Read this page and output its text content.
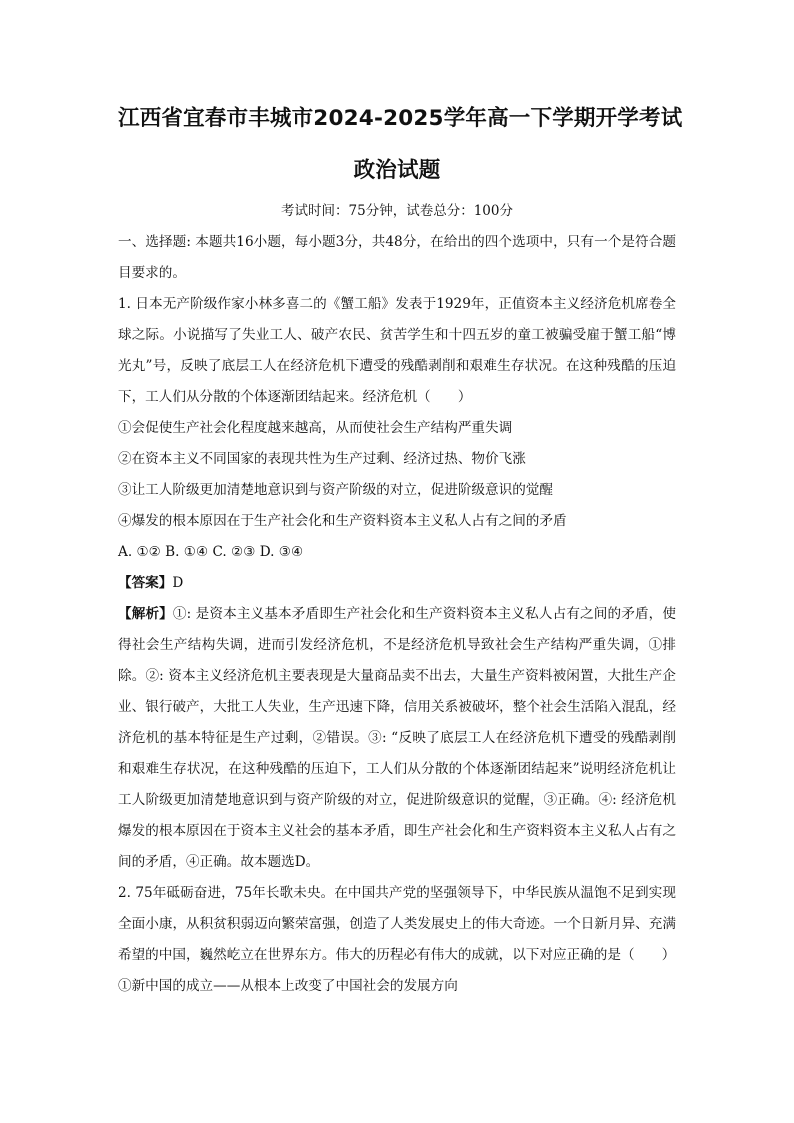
江西省宜春市丰城市2024-2025学年高一下学期开学考试
政治试题
考试时间：75分钟，试卷总分：100分

一、选择题: 本题共16小题，每小题3分，共48分，在给出的四个选项中，只有一个是符合题目要求的。

1. 日本无产阶级作家小林多喜二的《蟹工船》发表于1929年，正值资本主义经济危机席卷全球之际。小说描写了失业工人、破产农民、贫苦学生和十四五岁的童工被骗受雇于蟹工船“博光丸”号，反映了底层工人在经济危机下遭受的残酷剥削和艰难生存状况。在这种残酷的压迫下，工人们从分散的个体逐渐团结起来。经济危机（　　）

①会促使生产社会化程度越来越高，从而使社会生产结构严重失调

②在资本主义不同国家的表现共性为生产过剩、经济过热、物价飞涨

③让工人阶级更加清楚地意识到与资产阶级的对立，促进阶级意识的觉醒

④爆发的根本原因在于生产社会化和生产资料资本主义私人占有之间的矛盾

A. ①② B. ①④ C. ②③ D. ③④

【答案】D

【解析】①: 是资本主义基本矛盾即生产社会化和生产资料资本主义私人占有之间的矛盾，使得社会生产结构失调，进而引发经济危机，不是经济危机导致社会生产结构严重失调，①排除。②: 资本主义经济危机主要表现是大量商品卖不出去，大量生产资料被闲置，大批生产企业、银行破产，大批工人失业，生产迅速下降，信用关系被破坏，整个社会生活陷入混乱，经济危机的基本特征是生产过剩，②错误。③: “反映了底层工人在经济危机下遭受的残酷剥削和艰难生存状况，在这种残酷的压迫下，工人们从分散的个体逐渐团结起来”说明经济危机让工人阶级更加清楚地意识到与资产阶级的对立，促进阶级意识的觉醒，③正确。④: 经济危机爆发的根本原因在于资本主义社会的基本矛盾，即生产社会化和生产资料资本主义私人占有之间的矛盾，④正确。故本题选D。

2. 75年砥砺奋进，75年长歌未央。在中国共产党的坚强领导下，中华民族从温饱不足到实现全面小康，从积贫积弱迈向繁荣富强，创造了人类发展史上的伟大奇迹。一个日新月异、充满希望的中国，巍然屹立在世界东方。伟大的历程必有伟大的成就，以下对应正确的是（　　）

①新中国的成立——从根本上改变了中国社会的发展方向
